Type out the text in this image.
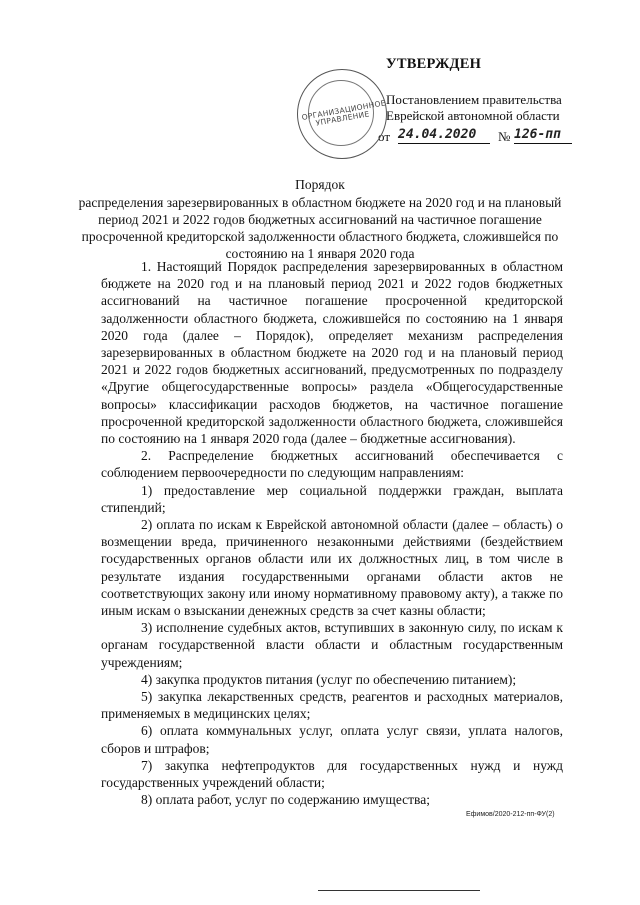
УТВЕРЖДЕН
Постановлением правительства
Еврейской автономной области
от 24.04.2020	№ 126-пп
ОРГАНИЗАЦИОННОЕ УПРАВЛЕНИЕ
Порядок
распределения зарезервированных в областном бюджете на 2020 год и на плановый период 2021 и 2022 годов бюджетных ассигнований на частичное погашение просроченной кредиторской задолженности областного бюджета, сложившейся по состоянию на 1 января 2020 года

1. Настоящий Порядок распределения зарезервированных в областном бюджете на 2020 год и на плановый период 2021 и 2022 годов бюджетных ассигнований на частичное погашение просроченной кредиторской задолженности областного бюджета, сложившейся по состоянию на 1 января 2020 года (далее – Порядок), определяет механизм распределения зарезервированных в областном бюджете на 2020 год и на плановый период 2021 и 2022 годов бюджетных ассигнований, предусмотренных по подразделу «Другие общегосударственные вопросы» раздела «Общегосударственные вопросы» классификации расходов бюджетов, на частичное погашение просроченной кредиторской задолженности областного бюджета, сложившейся по состоянию на 1 января 2020 года (далее – бюджетные ассигнования).

2. Распределение бюджетных ассигнований обеспечивается с соблюдением первоочередности по следующим направлениям:

1) предоставление мер социальной поддержки граждан, выплата стипендий;

2) оплата по искам к Еврейской автономной области (далее – область) о возмещении вреда, причиненного незаконными действиями (бездействием государственных органов области или их должностных лиц, в том числе в результате издания государственными органами области актов не соответствующих закону или иному нормативному правовому акту), а также по иным искам о взыскании денежных средств за счет казны области;

3) исполнение судебных актов, вступивших в законную силу, по искам к органам государственной власти области и областным государственным учреждениям;

4) закупка продуктов питания (услуг по обеспечению питанием);

5) закупка лекарственных средств, реагентов и расходных материалов, применяемых в медицинских целях;

6) оплата коммунальных услуг, оплата услуг связи, уплата налогов, сборов и штрафов;

7) закупка нефтепродуктов для государственных нужд и нужд государственных учреждений области;

8) оплата работ, услуг по содержанию имущества;

Ефимов/2020-212-пп-ФУ(2)
